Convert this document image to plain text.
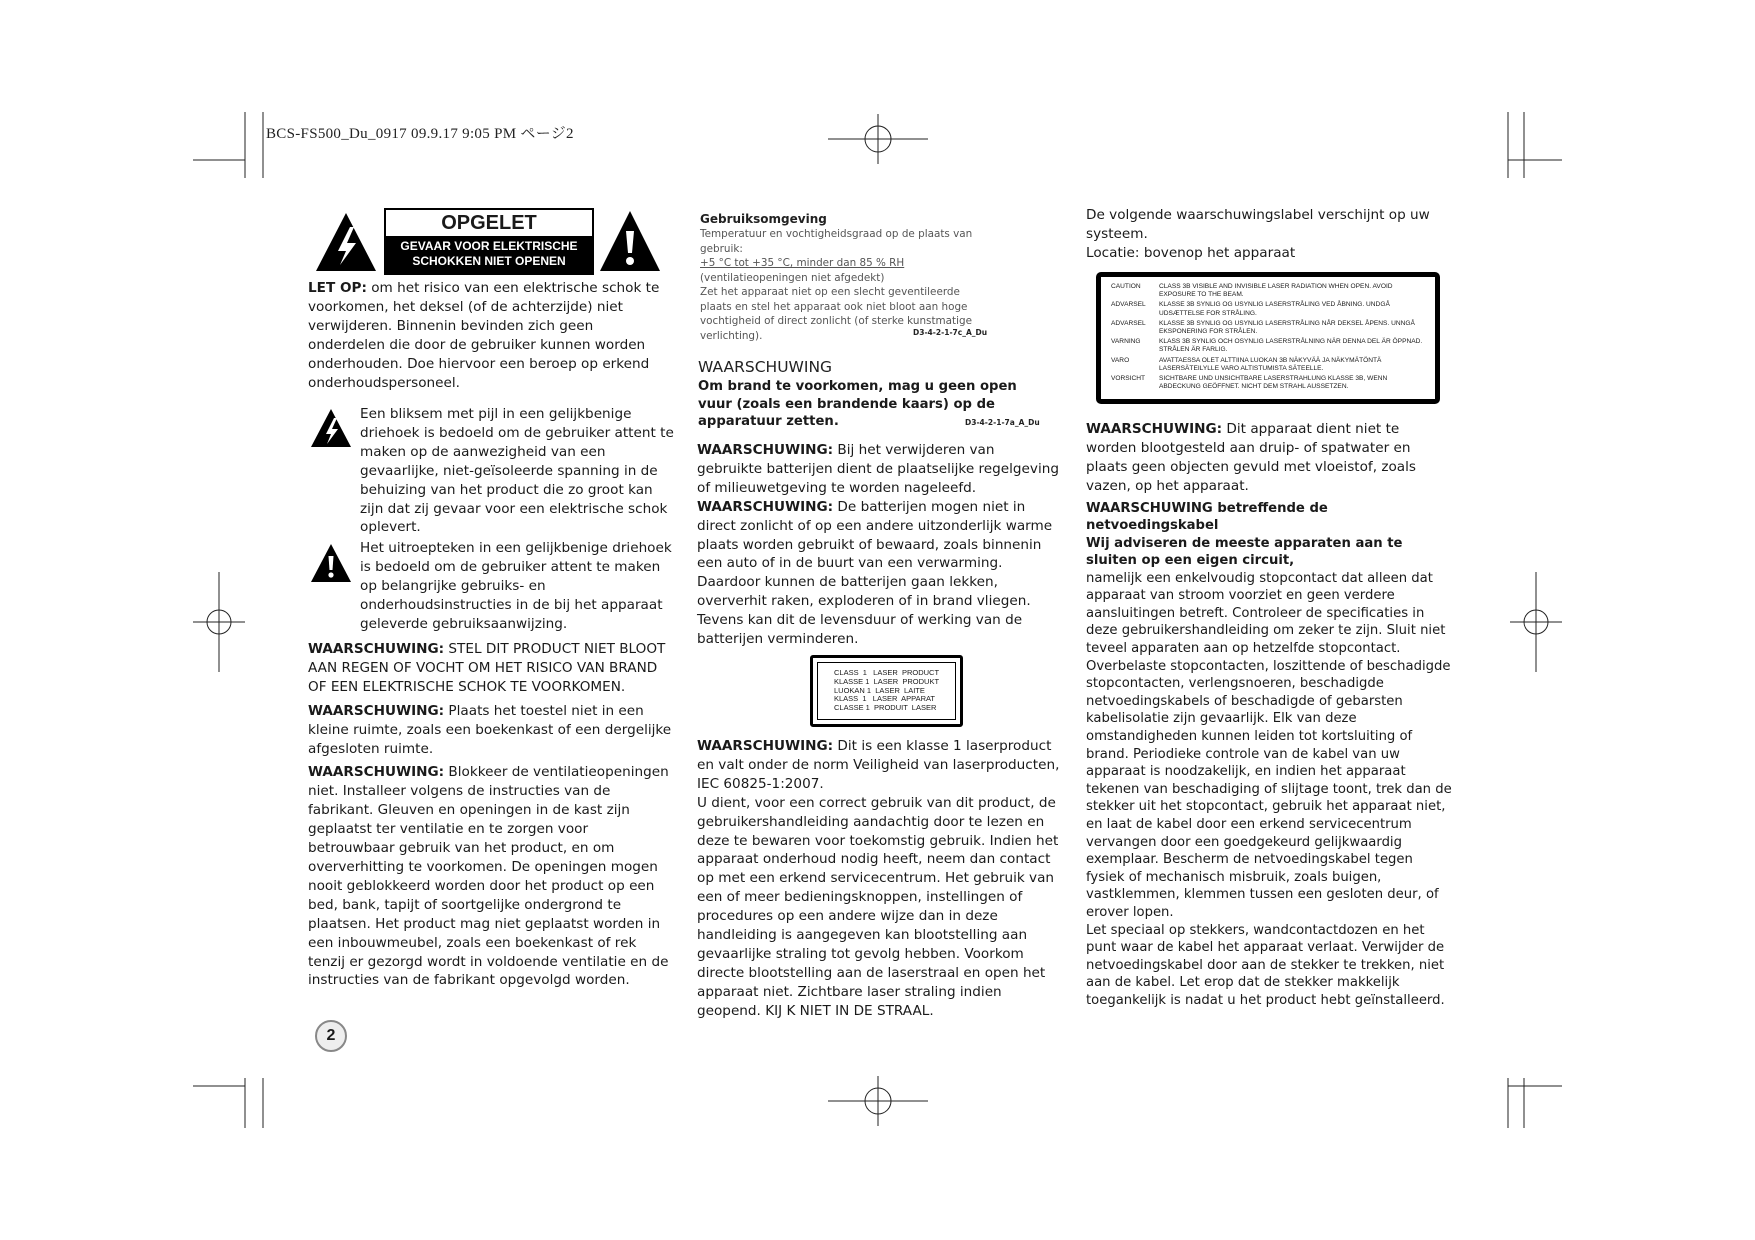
BCS-FS500_Du_0917 09.9.17 9:05 PM ページ2
OPGELET
GEVAAR VOOR ELEKTRISCHE
SCHOKKEN NIET OPENEN

LET OP: om het risico van een elektrische schok te voorkomen, het deksel (of de achterzijde) niet verwijderen. Binnenin bevinden zich geen onderdelen die door de gebruiker kunnen worden onderhouden. Doe hiervoor een beroep op erkend onderhoudspersoneel.

Een bliksem met pijl in een gelijkbenige driehoek is bedoeld om de gebruiker attent te maken op de aanwezigheid van een gevaarlijke, niet-geïsoleerde spanning in de behuizing van het product die zo groot kan zijn dat zij gevaar voor een elektrische schok oplevert.
Het uitroepteken in een gelijkbenige driehoek is bedoeld om de gebruiker attent te maken op belangrijke gebruiks- en onderhoudsinstructies in de bij het apparaat geleverde gebruiksaanwijzing.

WAARSCHUWING: STEL DIT PRODUCT NIET BLOOT AAN REGEN OF VOCHT OM HET RISICO VAN BRAND OF EEN ELEKTRISCHE SCHOK TE VOORKOMEN.

WAARSCHUWING: Plaats het toestel niet in een kleine ruimte, zoals een boekenkast of een dergelijke afgesloten ruimte.

WAARSCHUWING: Blokkeer de ventilatieopeningen niet. Installeer volgens de instructies van de fabrikant. Gleuven en openingen in de kast zijn geplaatst ter ventilatie en te zorgen voor betrouwbaar gebruik van het product, en om oververhitting te voorkomen. De openingen mogen nooit geblokkeerd worden door het product op een bed, bank, tapijt of soortgelijke ondergrond te plaatsen. Het product mag niet geplaatst worden in een inbouwmeubel, zoals een boekenkast of rek tenzij er gezorgd wordt in voldoende ventilatie en de instructies van de fabrikant opgevolgd worden.

2
Gebruiksomgeving
Temperatuur en vochtigheidsgraad op de plaats van gebruik:
+5 °C tot +35 °C, minder dan 85 % RH
(ventilatieopeningen niet afgedekt)
Zet het apparaat niet op een slecht geventileerde plaats en stel het apparaat ook niet bloot aan hoge vochtigheid of direct zonlicht (of sterke kunstmatige verlichting).	D3-4-2-1-7c_A_Du
WAARSCHUWING
Om brand te voorkomen, mag u geen open vuur (zoals een brandende kaars) op de apparatuur zetten.	D3-4-2-1-7a_A_Du

WAARSCHUWING: Bij het verwijderen van gebruikte batterijen dient de plaatselijke regelgeving of milieuwetgeving te worden nageleefd.

WAARSCHUWING: De batterijen mogen niet in direct zonlicht of op een andere uitzonderlijk warme plaats worden gebruikt of bewaard, zoals binnenin een auto of in de buurt van een verwarming. Daardoor kunnen de batterijen gaan lekken, oververhit raken, exploderen of in brand vliegen. Tevens kan dit de levensduur of werking van de batterijen verminderen.

CLASS  1   LASER  PRODUCT
KLASSE 1  LASER  PRODUKT
LUOKAN 1  LASER  LAITE
KLASS  1   LASER  APPARAT
CLASSE 1  PRODUIT  LASER

WAARSCHUWING: Dit is een klasse 1 laserproduct en valt onder de norm Veiligheid van laserproducten, IEC 60825-1:2007.

U dient, voor een correct gebruik van dit product, de gebruikershandleiding aandachtig door te lezen en deze te bewaren voor toekomstig gebruik. Indien het apparaat onderhoud nodig heeft, neem dan contact op met een erkend servicecentrum. Het gebruik van een of meer bedieningsknoppen, instellingen of procedures op een andere wijze dan in deze handleiding is aangegeven kan blootstelling aan gevaarlijke straling tot gevolg hebben. Voorkom directe blootstelling aan de laserstraal en open het apparaat niet. Zichtbare laser straling indien geopend. KIJ K NIET IN DE STRAAL.

De volgende waarschuwingslabel verschijnt op uw systeem.

Locatie: bovenop het apparaat

CAUTION	CLASS 3B VISIBLE AND INVISIBLE LASER RADIATION WHEN OPEN. AVOID EXPOSURE TO THE BEAM.
ADVARSEL	KLASSE 3B SYNLIG OG USYNLIG LASERSTRÅLING VED ÅBNING. UNDGÅ UDSÆTTELSE FOR STRÅLING.
ADVARSEL	KLASSE 3B SYNLIG OG USYNLIG LASERSTRÅLING NÅR DEKSEL ÅPENS. UNNGÅ EKSPONERING FOR STRÅLEN.
VARNING	KLASS 3B SYNLIG OCH OSYNLIG LASERSTRÅLNING NÄR DENNA DEL ÄR ÖPPNAD. STRÅLEN ÄR FARLIG.
VARO	AVATTAESSA OLET ALTTIINA LUOKAN 3B NÄKYVÄÄ JA NÄKYMÄTÖNTÄ LASERSÄTEILYLLE VARO ALTISTUMISTA SÄTEELLE.
VORSICHT	SICHTBARE UND UNSICHTBARE LASERSTRAHLUNG KLASSE 3B, WENN ABDECKUNG GEÖFFNET. NICHT DEM STRAHL AUSSETZEN.

WAARSCHUWING: Dit apparaat dient niet te worden blootgesteld aan druip- of spatwater en plaats geen objecten gevuld met vloeistof, zoals vazen, op het apparaat.

WAARSCHUWING betreffende de netvoedingskabel

Wij adviseren de meeste apparaten aan te sluiten op een eigen circuit,

namelijk een enkelvoudig stopcontact dat alleen dat apparaat van stroom voorziet en geen verdere aansluitingen betreft. Controleer de specificaties in deze gebruikershandleiding om zeker te zijn. Sluit niet teveel apparaten aan op hetzelfde stopcontact. Overbelaste stopcontacten, loszittende of beschadigde stopcontacten, verlengsnoeren, beschadigde netvoedingskabels of beschadigde of gebarsten kabelisolatie zijn gevaarlijk. Elk van deze omstandigheden kunnen leiden tot kortsluiting of brand. Periodieke controle van de kabel van uw apparaat is noodzakelijk, en indien het apparaat tekenen van beschadiging of slijtage toont, trek dan de stekker uit het stopcontact, gebruik het apparaat niet, en laat de kabel door een erkend servicecentrum vervangen door een goedgekeurd gelijkwaardig exemplaar. Bescherm de netvoedingskabel tegen fysiek of mechanisch misbruik, zoals buigen, vastklemmen, klemmen tussen een gesloten deur, of erover lopen.

Let speciaal op stekkers, wandcontactdozen en het punt waar de kabel het apparaat verlaat. Verwijder de netvoedingskabel door aan de stekker te trekken, niet aan de kabel. Let erop dat de stekker makkelijk toegankelijk is nadat u het product hebt geïnstalleerd.
